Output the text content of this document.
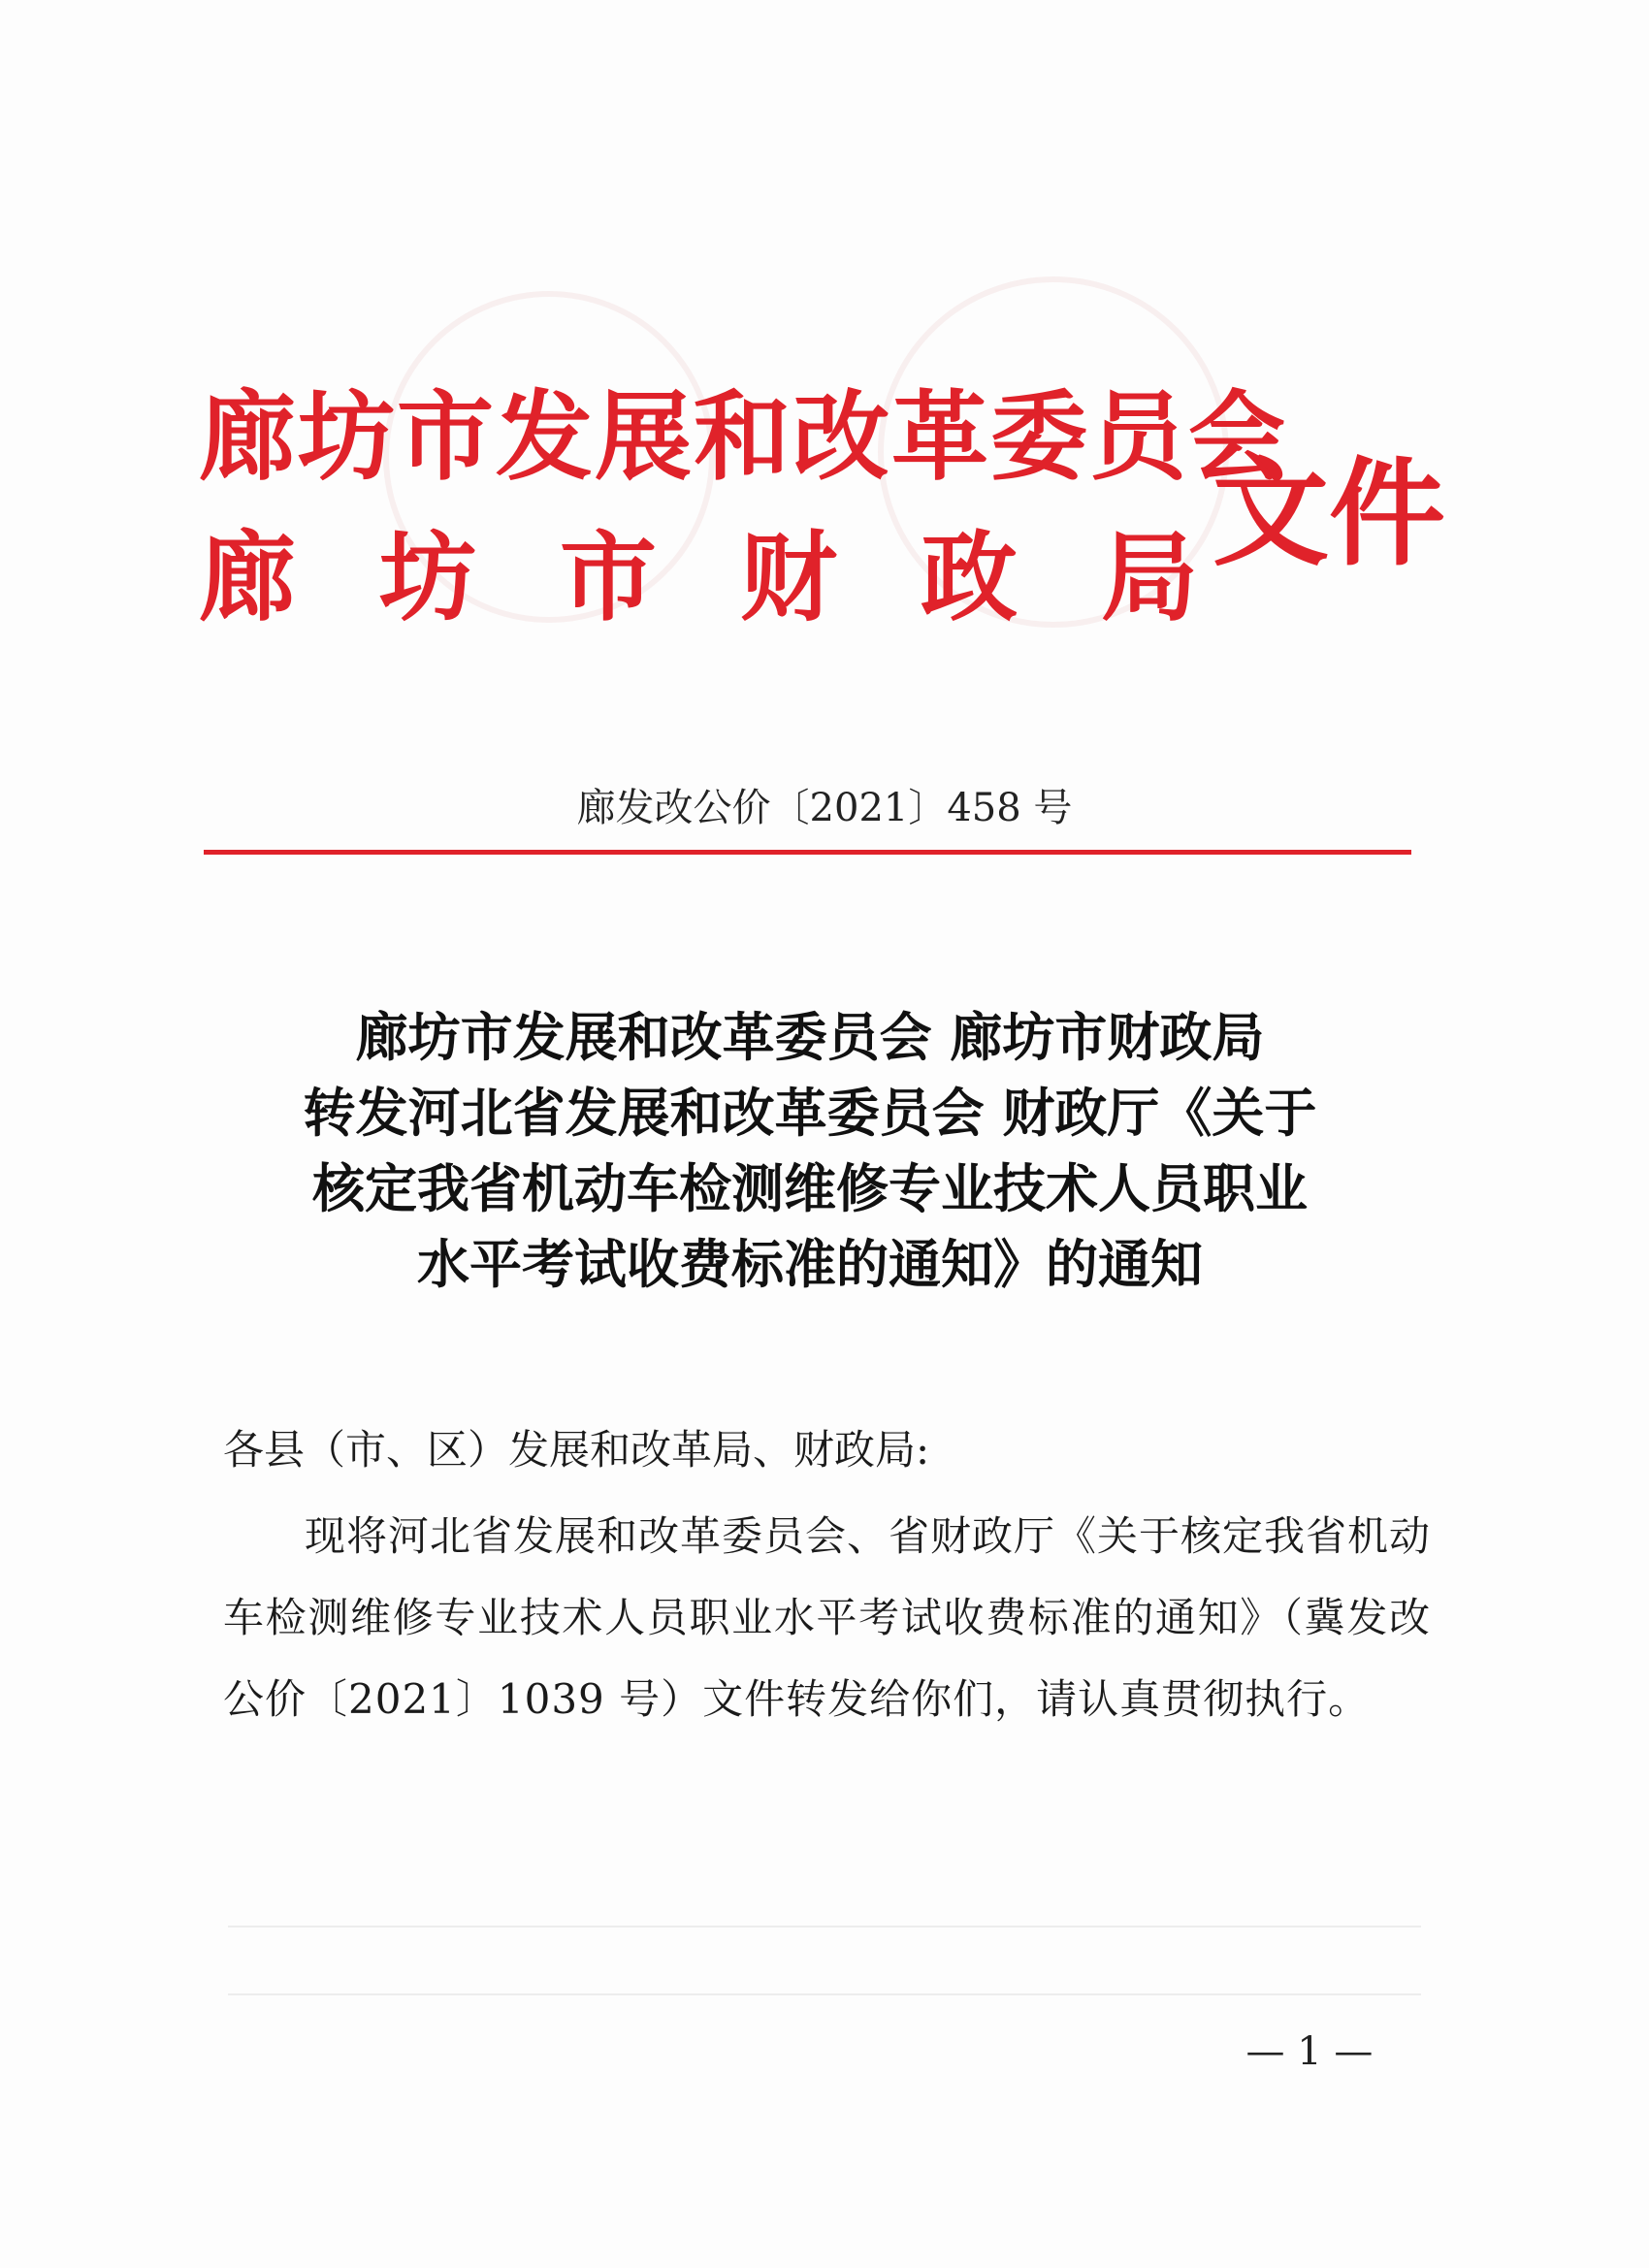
廊坊市发展和改革委员会
廊 坊 市 财 政 局 文件
廊发改公价〔2021〕458 号
廊坊市发展和改革委员会 廊坊市财政局
转发河北省发展和改革委员会 财政厅《关于
核定我省机动车检测维修专业技术人员职业
水平考试收费标准的通知》的通知
各县（市、区）发展和改革局、财政局:
现将河北省发展和改革委员会、省财政厅《关于核定我省机动车检测维修专业技术人员职业水平考试收费标准的通知》（冀发改公价〔2021〕1039 号）文件转发给你们，请认真贯彻执行。
— 1 —
